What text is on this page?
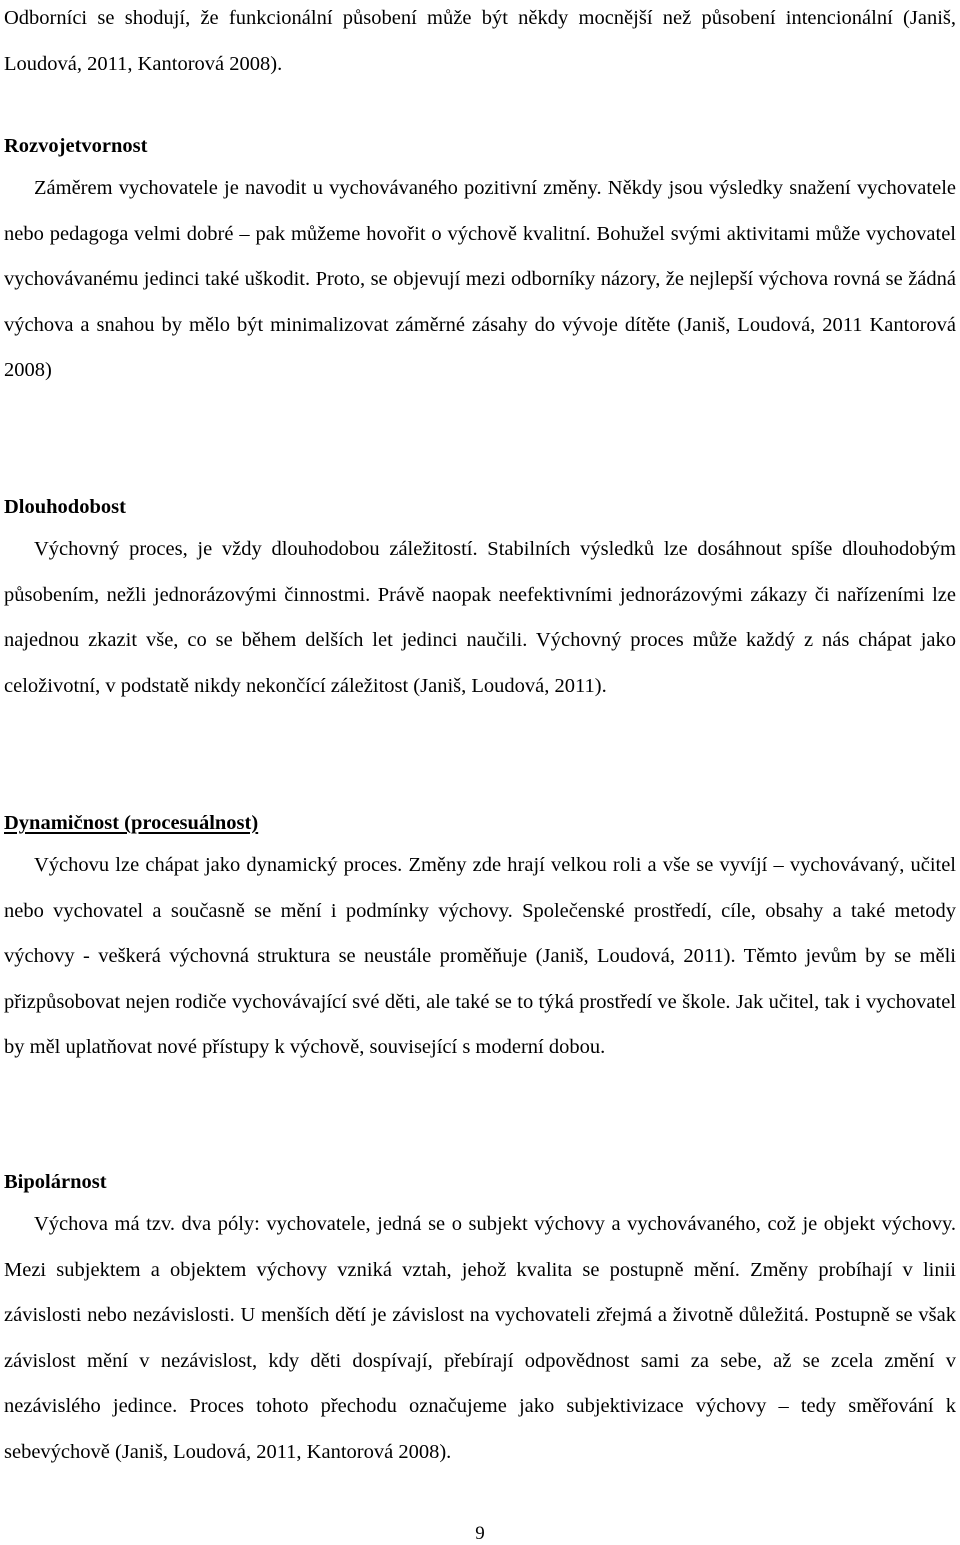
Odborníci se shodují, že funkcionální působení může být někdy mocnější než působení intencionální (Janiš, Loudová, 2011, Kantorová 2008).

Rozvojetvornost

Záměrem vychovatele je navodit u vychovávaného pozitivní změny. Někdy jsou výsledky snažení vychovatele nebo pedagoga velmi dobré – pak můžeme hovořit o výchově kvalitní. Bohužel svými aktivitami může vychovatel vychovávanému jedinci také uškodit. Proto, se objevují mezi odborníky názory, že nejlepší výchova rovná se žádná výchova a snahou by mělo být minimalizovat záměrné zásahy do vývoje dítěte (Janiš, Loudová, 2011 Kantorová 2008)

Dlouhodobost

Výchovný proces, je vždy dlouhodobou záležitostí. Stabilních výsledků lze dosáhnout spíše dlouhodobým působením, nežli jednorázovými činnostmi. Právě naopak neefektivními jednorázovými zákazy či nařízeními lze najednou zkazit vše, co se během delších let jedinci naučili. Výchovný proces může každý z nás chápat jako celoživotní, v podstatě nikdy nekončící záležitost (Janiš, Loudová, 2011).

Dynamičnost (procesuálnost)

Výchovu lze chápat jako dynamický proces. Změny zde hrají velkou roli a vše se vyvíjí – vychovávaný, učitel nebo vychovatel a současně se mění i podmínky výchovy. Společenské prostředí, cíle, obsahy a také metody výchovy - veškerá výchovná struktura se neustále proměňuje (Janiš, Loudová, 2011). Těmto jevům by se měli přizpůsobovat nejen rodiče vychovávající své děti, ale také se to týká prostředí ve škole. Jak učitel, tak i vychovatel by měl uplatňovat nové přístupy k výchově, související s moderní dobou.

Bipolárnost

Výchova má tzv. dva póly: vychovatele, jedná se o subjekt výchovy a vychovávaného, což je objekt výchovy. Mezi subjektem a objektem výchovy vzniká vztah, jehož kvalita se postupně mění. Změny probíhají v linii závislosti nebo nezávislosti. U menších dětí je závislost na vychovateli zřejmá a životně důležitá. Postupně se však závislost mění v nezávislost, kdy děti dospívají, přebírají odpovědnost sami za sebe, až se zcela změní v nezávislého jedince. Proces tohoto přechodu označujeme jako subjektivizace výchovy – tedy směřování k sebevýchově (Janiš, Loudová, 2011, Kantorová 2008).

9
